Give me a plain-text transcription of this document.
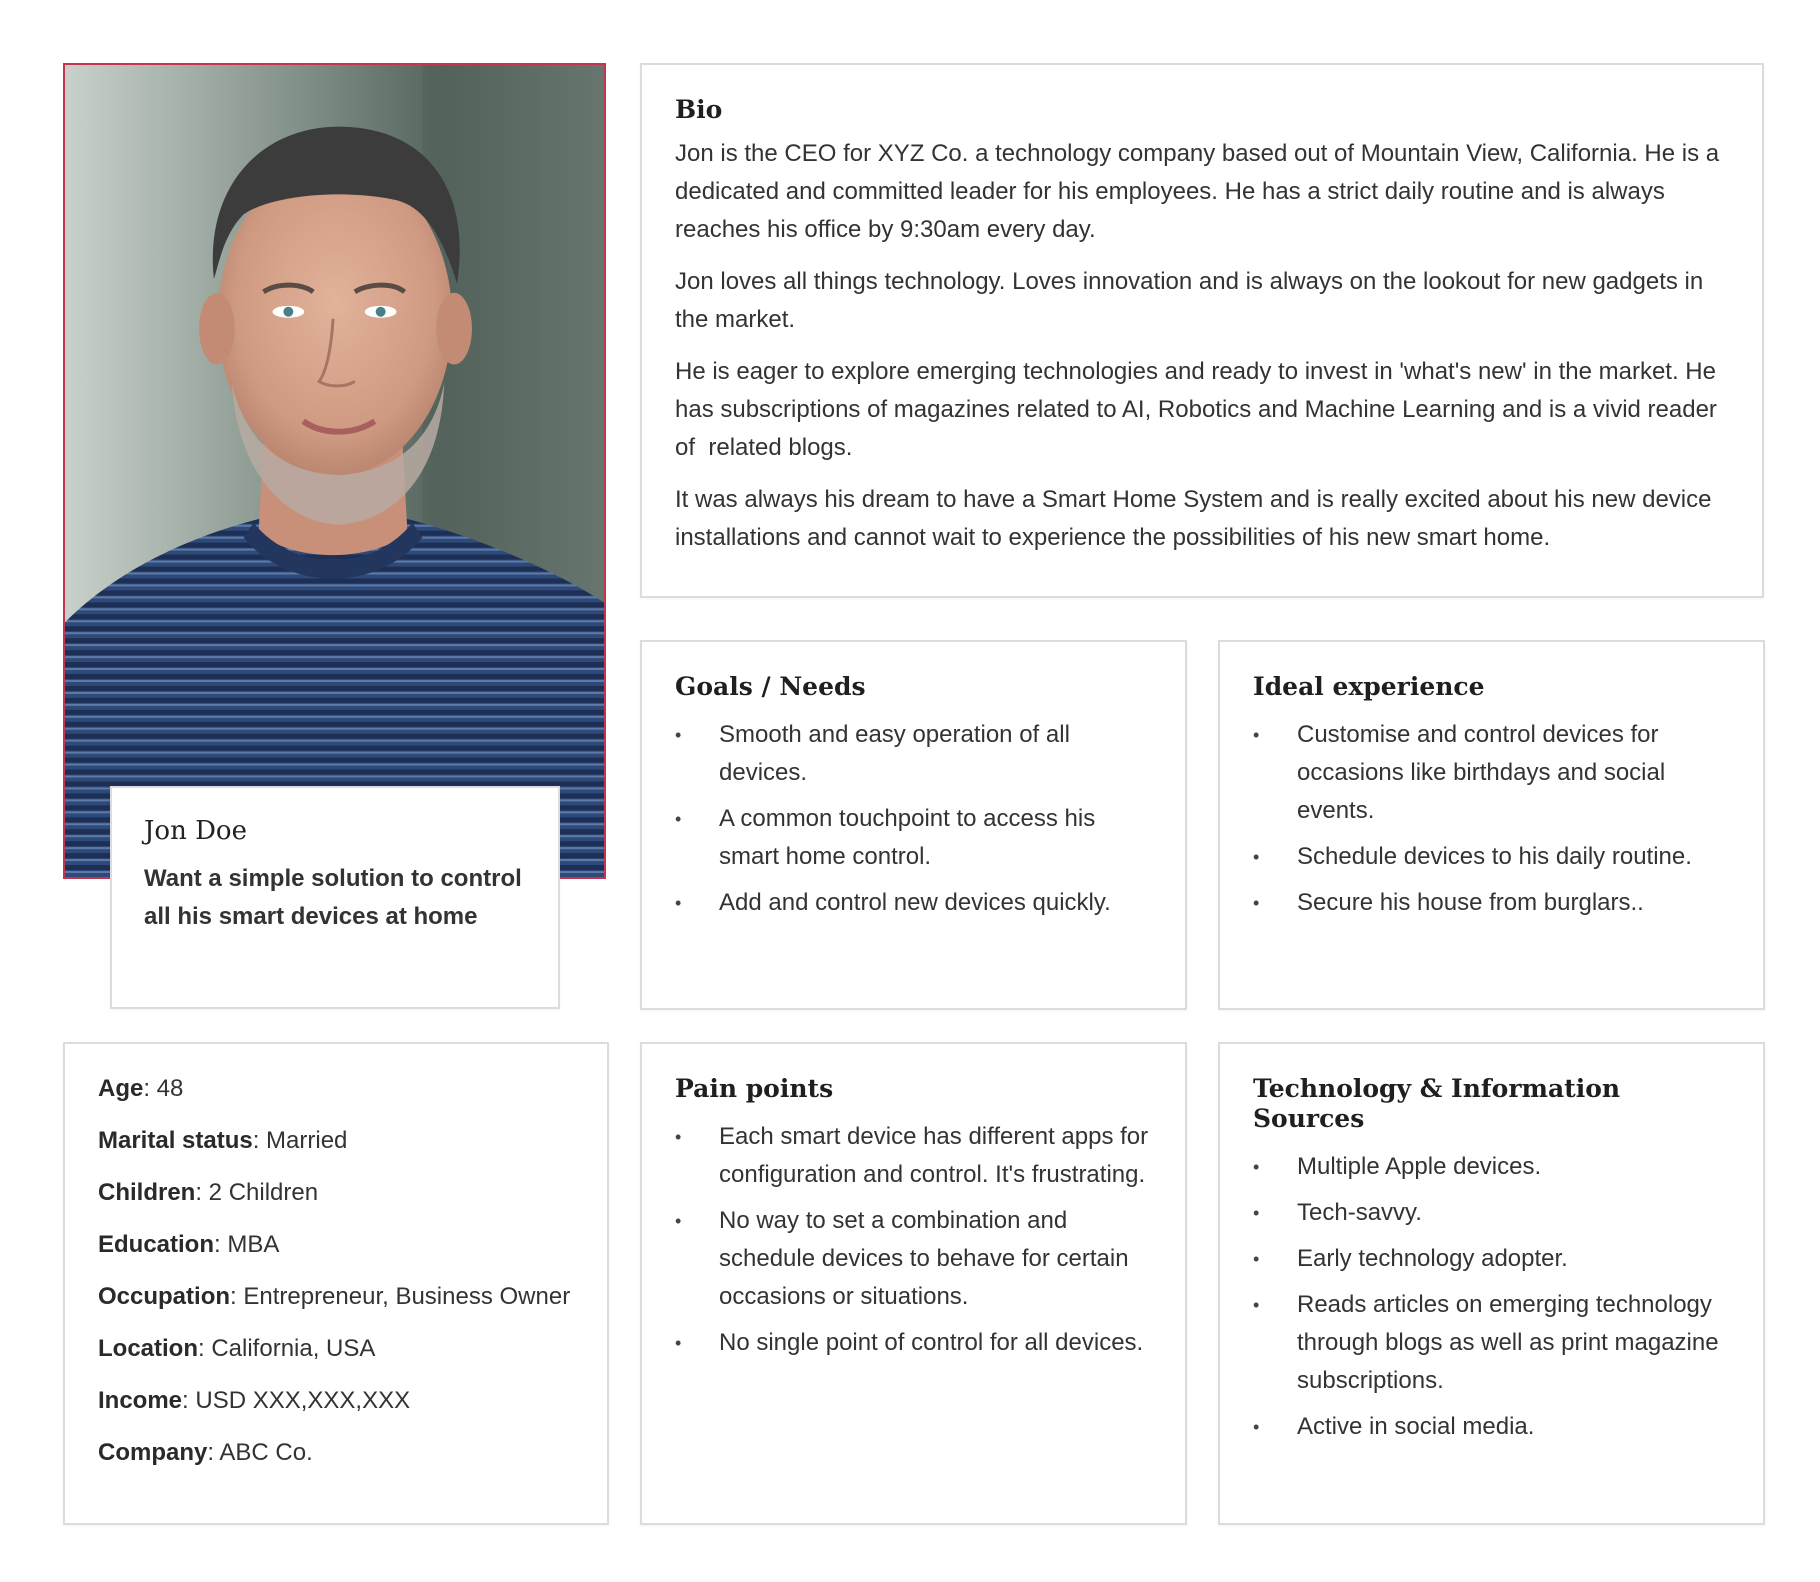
Jon Doe

Want a simple solution to control all his smart devices at home

Bio

Jon is the CEO for XYZ Co. a technology company based out of Mountain View, California. He is a dedicated and committed leader for his employees. He has a strict daily routine and is always reaches his office by 9:30am every day.

Jon loves all things technology. Loves innovation and is always on the lookout for new gadgets in the market.

He is eager to explore emerging technologies and ready to invest in 'what's new' in the market. He has subscriptions of magazines related to AI, Robotics and Machine Learning and is a vivid reader of  related blogs.

It was always his dream to have a Smart Home System and is really excited about his new device installations and cannot wait to experience the possibilities of his new smart home.

Goals / Needs
•	Smooth and easy operation of all devices.
•	A common touchpoint to access his smart home control.
•	Add and control new devices quickly.
Ideal experience
•	Customise and control devices for occasions like birthdays and social events.
•	Schedule devices to his daily routine.
•	Secure his house from burglars..

Age: 48

Marital status: Married

Children: 2 Children

Education: MBA

Occupation: Entrepreneur, Business Owner

Location: California, USA

Income: USD XXX,XXX,XXX

Company: ABC Co.

Pain points
•	Each smart device has different apps for configuration and control. It's frustrating.
•	No way to set a combination and schedule devices to behave for certain occasions or situations.
•	No single point of control for all devices.
Technology & Information Sources
•	Multiple Apple devices.
•	Tech-savvy.
•	Early technology adopter.
•	Reads articles on emerging technology through blogs as well as print magazine subscriptions.
•	Active in social media.
